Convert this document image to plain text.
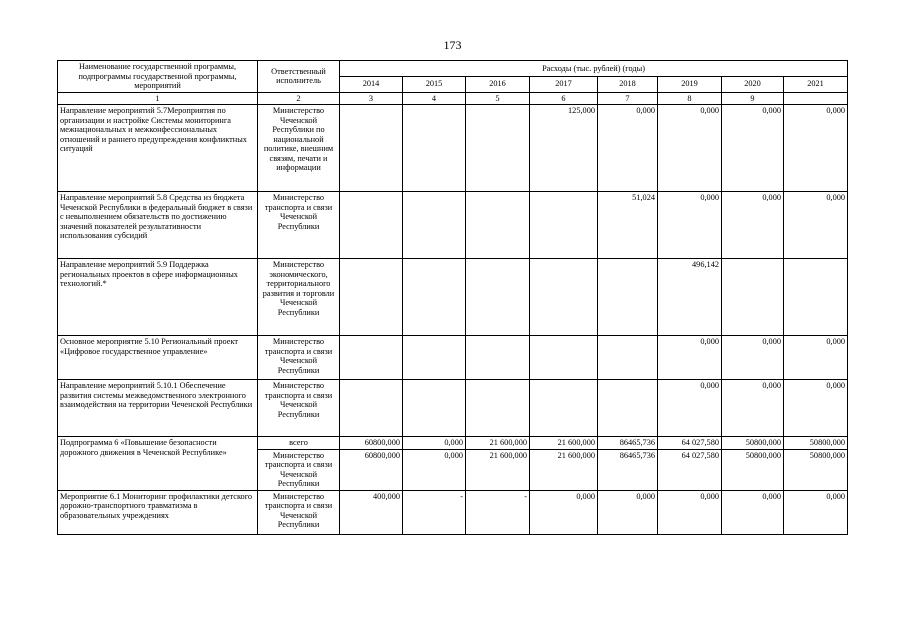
173
Наименование государственной программы, подпрограммы государственной программы, мероприятий	Ответственный исполнитель	Расходы (тыс. рублей) (годы)							
		2014	2015	2016	2017	2018	2019	2020	2021
1	2	3	4	5	6	7	8	9	
Направление мероприятий 5.7Мероприятия по организации и настройке Системы мониторинга межнациональных и межконфессиональных отношений и раннего предупреждения конфликтных ситуаций	Министерство Чеченской Республики по национальной политике, внешним связям, печати и информации				125,000	0,000	0,000	0,000	0,000
Направление мероприятий 5.8 Средства из бюджета Чеченской Республики в федеральный бюджет в связи с невыполнением обязательств по достижению значений показателей результативности использования субсидий	Министерство транспорта и связи Чеченской Республики					51,024	0,000	0,000	0,000
Направление мероприятий 5.9 Поддержка региональных проектов в сфере информационных технологий.*	Министерство экономического, территориального развития и торговли Чеченской Республики						496,142		
Основное мероприятие 5.10 Региональный проект «Цифровое государственное управление»	Министерство транспорта и связи Чеченской Республики						0,000	0,000	0,000
Направление мероприятий 5.10.1 Обеспечение развития системы межведомственного электронного взаимодействия на территории Чеченской Республики	Министерство транспорта и связи Чеченской Республики						0,000	0,000	0,000
Подпрограмма 6 «Повышение безопасности дорожного движения в Чеченской Республике»	всего	60800,000	0,000	21 600,000	21 600,000	86465,736	64 027,580	50800,000	50800,000
	Министерство транспорта и связи Чеченской Республики	60800,000	0,000	21 600,000	21 600,000	86465,736	64 027,580	50800,000	50800,000
Мероприятие 6.1 Мониторинг профилактики детского дорожно-транспортного травматизма в образовательных учреждениях	Министерство транспорта и связи Чеченской Республики	400,000	-	-	0,000	0,000	0,000	0,000	0,000
